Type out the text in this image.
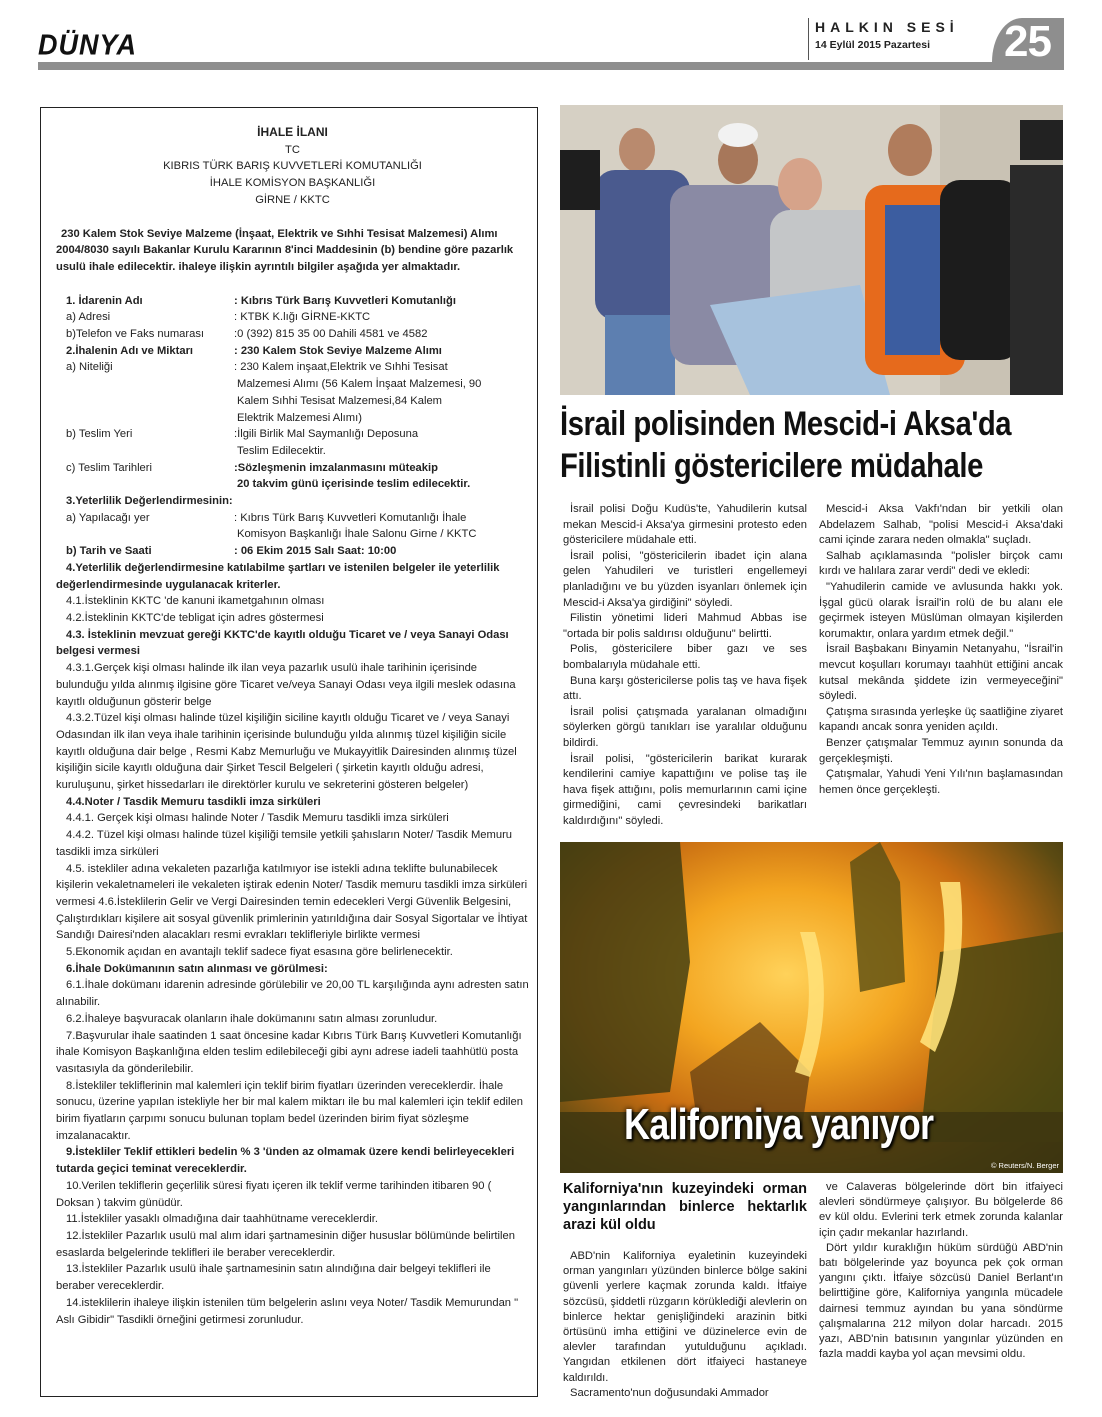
DÜNYA
HALKIN SESİ
14 Eylül 2015 Pazartesi	25
İHALE İLANI
TC
KIBRIS TÜRK BARIŞ KUVVETLERİ KOMUTANLIĞI
İHALE KOMİSYON BAŞKANLIĞI
GİRNE / KKTC
230 Kalem Stok Seviye Malzeme (İnşaat, Elektrik ve Sıhhi Tesisat Malzemesi) Alımı 2004/8030 sayılı Bakanlar Kurulu Kararının 8'inci Maddesinin (b) bendine göre pazarlık usulü ihale edilecektir. ihaleye ilişkin ayrıntılı bilgiler aşağıda yer almaktadır.
1. İdarenin Adı	: Kıbrıs Türk Barış Kuvvetleri Komutanlığı
a) Adresi	: KTBK K.lığı GİRNE-KKTC
b)Telefon ve Faks numarası	:0 (392) 815 35 00 Dahili 4581 ve 4582
2.İhalenin Adı ve Miktarı	: 230 Kalem Stok Seviye Malzeme Alımı
a) Niteliği	: 230 Kalem inşaat,Elektrik ve Sıhhi Tesisat
Malzemesi Alımı (56 Kalem İnşaat Malzemesi, 90
Kalem Sıhhi Tesisat Malzemesi,84 Kalem
Elektrik Malzemesi Alımı)
b) Teslim Yeri	:İlgili Birlik Mal Saymanlığı Deposuna
Teslim Edilecektir.
c) Teslim Tarihleri	:Sözleşmenin imzalanmasını müteakip
20 takvim günü içerisinde teslim edilecektir.
3.Yeterlilik Değerlendirmesinin:
a) Yapılacağı yer	: Kıbrıs Türk Barış Kuvvetleri Komutanlığı İhale
Komisyon Başkanlığı İhale Salonu Girne / KKTC
b) Tarih ve Saati	: 06 Ekim 2015 Salı Saat: 10:00
4.Yeterlilik değerlendirmesine katılabilme şartları ve istenilen belgeler ile yeterlilik değerlendirmesinde uygulanacak kriterler.
4.1.İsteklinin KKTC 'de kanuni ikametgahının olması
4.2.İsteklinin KKTC'de tebligat için adres göstermesi
4.3. İsteklinin mevzuat gereği KKTC'de kayıtlı olduğu Ticaret ve / veya Sanayi Odası belgesi vermesi
4.3.1.Gerçek kişi olması halinde ilk ilan veya pazarlık usulü ihale tarihinin içerisinde bulunduğu yılda alınmış ilgisine göre Ticaret ve/veya Sanayi Odası veya ilgili meslek odasına kayıtlı olduğunun gösterir belge
4.3.2.Tüzel kişi olması halinde tüzel kişiliğin siciline kayıtlı olduğu Ticaret ve / veya Sanayi Odasından ilk ilan veya ihale tarihinin içerisinde bulunduğu yılda alınmış tüzel kişiliğin sicile kayıtlı olduğuna dair belge , Resmi Kabz Memurluğu ve Mukayyitlik Dairesinden alınmış tüzel kişiliğin sicile kayıtlı olduğuna dair Şirket Tescil Belgeleri ( şirketin kayıtlı olduğu adresi, kuruluşunu, şirket hissedarları ile direktörler kurulu ve sekreterini gösteren belgeler)
4.4.Noter / Tasdik Memuru tasdikli imza sirküleri
4.4.1. Gerçek kişi olması halinde Noter / Tasdik Memuru tasdikli imza sirküleri
4.4.2. Tüzel kişi olması halinde tüzel kişiliği temsile yetkili şahısların Noter/ Tasdik Memuru tasdikli imza sirküleri
4.5. istekliler adına vekaleten pazarlığa katılmıyor ise istekli adına teklifte bulunabilecek kişilerin vekaletnameleri ile vekaleten iştirak edenin Noter/ Tasdik memuru tasdikli imza sirküleri vermesi 4.6.İsteklilerin Gelir ve Vergi Dairesinden temin edecekleri Vergi Güvenlik Belgesini, Çalıştırdıkları kişilere ait sosyal güvenlik primlerinin yatırıldığına dair Sosyal Sigortalar ve İhtiyat Sandığı Dairesi'nden alacakları resmi evrakları teklifleriyle birlikte vermesi
5.Ekonomik açıdan en avantajlı teklif sadece fiyat esasına göre belirlenecektir.
6.İhale Dokümanının satın alınması ve görülmesi:
6.1.İhale dokümanı idarenin adresinde görülebilir ve 20,00 TL karşılığında aynı adresten satın alınabilir.
6.2.İhaleye başvuracak olanların ihale dokümanını satın alması zorunludur.
7.Başvurular ihale saatinden 1 saat öncesine kadar Kıbrıs Türk Barış Kuvvetleri Komutanlığı ihale Komisyon Başkanlığına elden teslim edilebileceği gibi aynı adrese iadeli taahhütlü posta vasıtasıyla da gönderilebilir.
8.İstekliler tekliflerinin mal kalemleri için teklif birim fiyatları üzerinden vereceklerdir. İhale sonucu, üzerine yapılan istekliyle her bir mal kalem miktarı ile bu mal kalemleri için teklif edilen birim fiyatların çarpımı sonucu bulunan toplam bedel üzerinden birim fiyat sözleşme imzalanacaktır.
9.İstekliler Teklif ettikleri bedelin % 3 'ünden az olmamak üzere kendi belirleyecekleri tutarda geçici teminat vereceklerdir.
10.Verilen tekliflerin geçerlilik süresi fiyatı içeren ilk teklif verme tarihinden itibaren 90 ( Doksan ) takvim günüdür.
11.İstekliler yasaklı olmadığına dair taahhütname vereceklerdir.
12.İstekliler Pazarlık usulü mal alım idari şartnamesinin diğer hususlar bölümünde belirtilen esaslarda belgelerinde teklifleri ile beraber vereceklerdir.
13.İstekliler Pazarlık usulü ihale şartnamesinin satın alındığına dair belgeyi teklifleri ile beraber vereceklerdir.
14.isteklilerin ihaleye ilişkin istenilen tüm belgelerin aslını veya Noter/ Tasdik Memurundan " Aslı Gibidir" Tasdikli örneğini getirmesi zorunludur.
İsrail polisinden Mescid-i Aksa'da
Filistinli göstericilere müdahale

İsrail polisi Doğu Kudüs'te, Yahudilerin kutsal mekan Mescid-i Aksa'ya girmesini protesto eden göstericilere müdahale etti.

İsrail polisi, "göstericilerin ibadet için alana gelen Yahudileri ve turistleri engellemeyi planladığını ve bu yüzden isyanları önlemek için Mescid-i Aksa'ya girdiğini" söyledi.

Filistin yönetimi lideri Mahmud Abbas ise "ortada bir polis saldırısı olduğunu" belirtti.

Polis, göstericilere biber gazı ve ses bombalarıyla müdahale etti.

Buna karşı göstericilerse polis taş ve hava fişek attı.

İsrail polisi çatışmada yaralanan olmadığını söylerken görgü tanıkları ise yaralılar olduğunu bildirdi.

İsrail polisi, "göstericilerin barikat kurarak kendilerini camiye kapattığını ve polise taş ile hava fişek attığını, polis memurlarının cami içine girmediğini, cami çevresindeki barikatları kaldırdığını" söyledi.

Mescid-i Aksa Vakfı'ndan bir yetkili olan Abdelazem Salhab, "polisi Mescid-i Aksa'daki cami içinde zarara neden olmakla" suçladı.

Salhab açıklamasında "polisler birçok camı kırdı ve halılara zarar verdi" dedi ve ekledi:

"Yahudilerin camide ve avlusunda hakkı yok. İşgal gücü olarak İsrail'in rolü de bu alanı ele geçirmek isteyen Müslüman olmayan kişilerden korumaktır, onlara yardım etmek değil."

İsrail Başbakanı Binyamin Netanyahu, "İsrail'in mevcut koşulları korumayı taahhüt ettiğini ancak kutsal mekânda şiddete izin vermeyeceğini" söyledi.

Çatışma sırasında yerleşke üç saatliğine ziyaret kapandı ancak sonra yeniden açıldı.

Benzer çatışmalar Temmuz ayının sonunda da gerçekleşmişti.

Çatışmalar, Yahudi Yeni Yılı'nın başlamasından hemen önce gerçekleşti.

Kaliforniya yanıyor
© Reuters/N. Berger
Kaliforniya'nın kuzeyindeki orman yangınlarından binlerce hektarlık arazi kül oldu

ABD'nin Kaliforniya eyaletinin kuzeyindeki orman yangınları yüzünden binlerce bölge sakini güvenli yerlere kaçmak zorunda kaldı. İtfaiye sözcüsü, şiddetli rüzgarın körüklediği alevlerin on binlerce hektar genişliğindeki arazinin bitki örtüsünü imha ettiğini ve düzinelerce evin de alevler tarafından yutulduğunu açıkladı. Yangıdan etkilenen dört itfaiyeci hastaneye kaldırıldı.

Sacramento'nun doğusundaki Ammador

ve Calaveras bölgelerinde dört bin itfaiyeci alevleri söndürmeye çalışıyor. Bu bölgelerde 86 ev kül oldu. Evlerini terk etmek zorunda kalanlar için çadır mekanlar hazırlandı.

Dört yıldır kuraklığın hüküm sürdüğü ABD'nin batı bölgelerinde yaz boyunca pek çok orman yangını çıktı. İtfaiye sözcüsü Daniel Berlant'ın belirttiğine göre, Kaliforniya yangınla mücadele dairnesi temmuz ayından bu yana söndürme çalışmalarına 212 milyon dolar harcadı. 2015 yazı, ABD'nin batısının yangınlar yüzünden en fazla maddi kayba yol açan mevsimi oldu.
